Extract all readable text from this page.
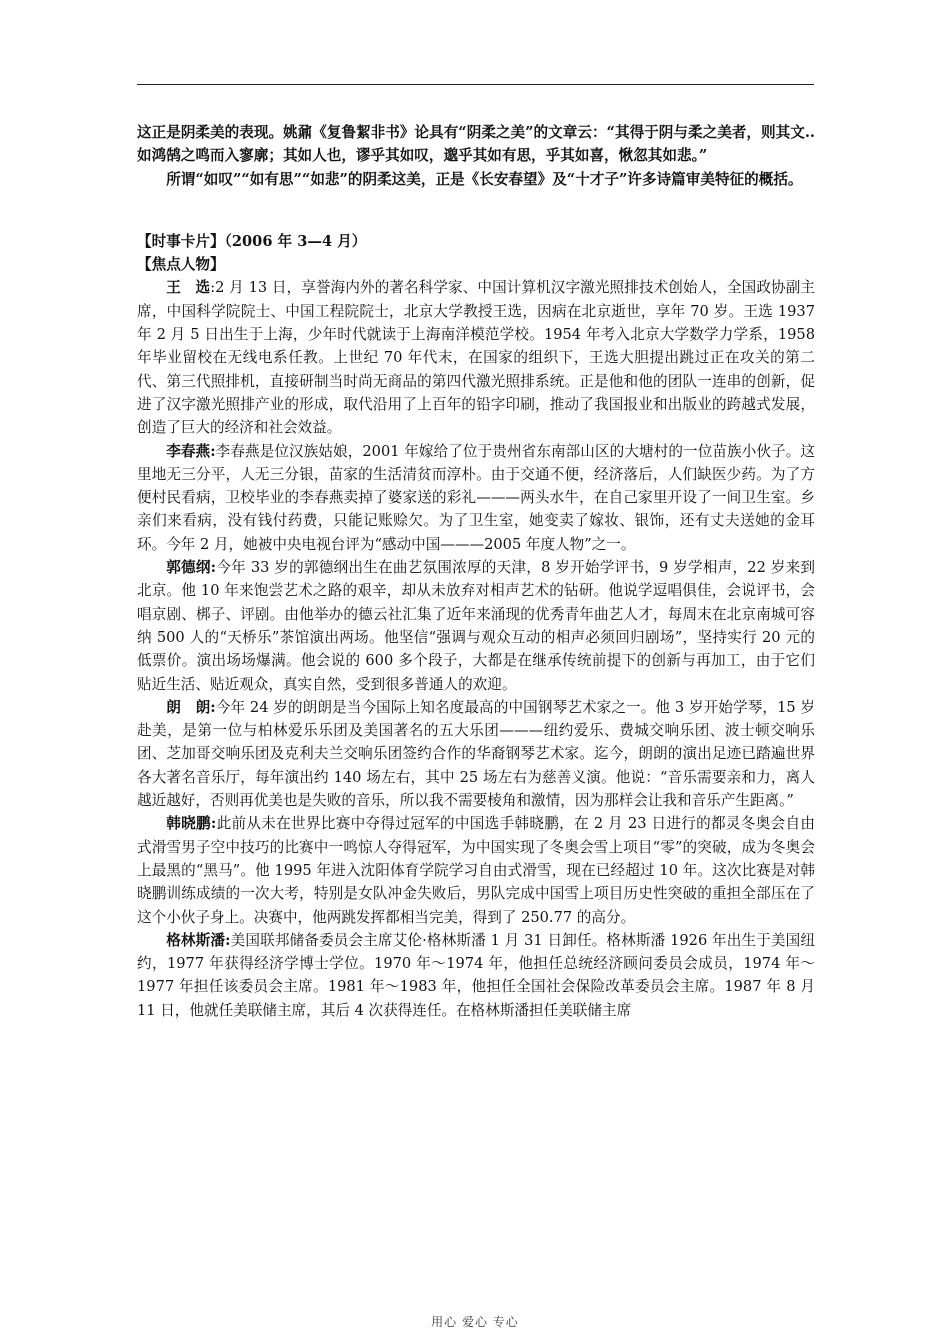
这正是阴柔美的表现。姚鼐《复鲁絜非书》论具有“阴柔之美”的文章云：“其得于阴与柔之美者，则其文..如鸿鹄之鸣而入寥廓；其如人也，谬乎其如叹，邈乎其如有思，乎其如喜，愀忽其如悲。”

所谓“如叹”“如有思”“如悲”的阴柔这美，正是《长安春望》及“十才子”许多诗篇审美特征的概括。

【时事卡片】（2006 年 3—4 月）

【焦点人物】

王　选:2 月 13 日，享誉海内外的著名科学家、中国计算机汉字激光照排技术创始人，全国政协副主席，中国科学院院士、中国工程院院士，北京大学教授王选，因病在北京逝世，享年 70 岁。王选 1937 年 2 月 5 日出生于上海，少年时代就读于上海南洋模范学校。1954 年考入北京大学数学力学系，1958 年毕业留校在无线电系任教。上世纪 70 年代末，在国家的组织下，王选大胆提出跳过正在攻关的第二代、第三代照排机，直接研制当时尚无商品的第四代激光照排系统。正是他和他的团队一连串的创新，促进了汉字激光照排产业的形成，取代沿用了上百年的铅字印刷，推动了我国报业和出版业的跨越式发展，创造了巨大的经济和社会效益。

李春燕:李春燕是位汉族姑娘，2001 年嫁给了位于贵州省东南部山区的大塘村的一位苗族小伙子。这里地无三分平，人无三分银，苗家的生活清贫而淳朴。由于交通不便，经济落后，人们缺医少药。为了方便村民看病，卫校毕业的李春燕卖掉了婆家送的彩礼———两头水牛，在自己家里开设了一间卫生室。乡亲们来看病，没有钱付药费，只能记账赊欠。为了卫生室，她变卖了嫁妆、银饰，还有丈夫送她的金耳环。今年 2 月，她被中央电视台评为“感动中国———2005 年度人物”之一。

郭德纲:今年 33 岁的郭德纲出生在曲艺氛围浓厚的天津，8 岁开始学评书，9 岁学相声，22 岁来到北京。他 10 年来饱尝艺术之路的艰辛，却从未放弃对相声艺术的钻研。他说学逗唱俱佳，会说评书，会唱京剧、梆子、评剧。由他举办的德云社汇集了近年来涌现的优秀青年曲艺人才，每周末在北京南城可容纳 500 人的“天桥乐”茶馆演出两场。他坚信“强调与观众互动的相声必须回归剧场”，坚持实行 20 元的低票价。演出场场爆满。他会说的 600 多个段子，大都是在继承传统前提下的创新与再加工，由于它们贴近生活、贴近观众，真实自然，受到很多普通人的欢迎。

朗　朗:今年 24 岁的朗朗是当今国际上知名度最高的中国钢琴艺术家之一。他 3 岁开始学琴，15 岁赴美，是第一位与柏林爱乐乐团及美国著名的五大乐团———纽约爱乐、费城交响乐团、波士顿交响乐团、芝加哥交响乐团及克利夫兰交响乐团签约合作的华裔钢琴艺术家。迄今，朗朗的演出足迹已踏遍世界各大著名音乐厅，每年演出约 140 场左右，其中 25 场左右为慈善义演。他说：“音乐需要亲和力，离人越近越好，否则再优美也是失败的音乐，所以我不需要棱角和激情，因为那样会让我和音乐产生距离。”

韩晓鹏:此前从未在世界比赛中夺得过冠军的中国选手韩晓鹏，在 2 月 23 日进行的都灵冬奥会自由式滑雪男子空中技巧的比赛中一鸣惊人夺得冠军，为中国实现了冬奥会雪上项目“零”的突破，成为冬奥会上最黑的“黑马”。他 1995 年进入沈阳体育学院学习自由式滑雪，现在已经超过 10 年。这次比赛是对韩晓鹏训练成绩的一次大考，特别是女队冲金失败后，男队完成中国雪上项目历史性突破的重担全部压在了这个小伙子身上。决赛中，他两跳发挥都相当完美，得到了 250.77 的高分。

格林斯潘:美国联邦储备委员会主席艾伦·格林斯潘 1 月 31 日卸任。格林斯潘 1926 年出生于美国纽约，1977 年获得经济学博士学位。1970 年～1974 年，他担任总统经济顾问委员会成员，1974 年～1977 年担任该委员会主席。1981 年～1983 年，他担任全国社会保险改革委员会主席。1987 年 8 月 11 日，他就任美联储主席，其后 4 次获得连任。在格林斯潘担任美联储主席

用心 爱心 专心
